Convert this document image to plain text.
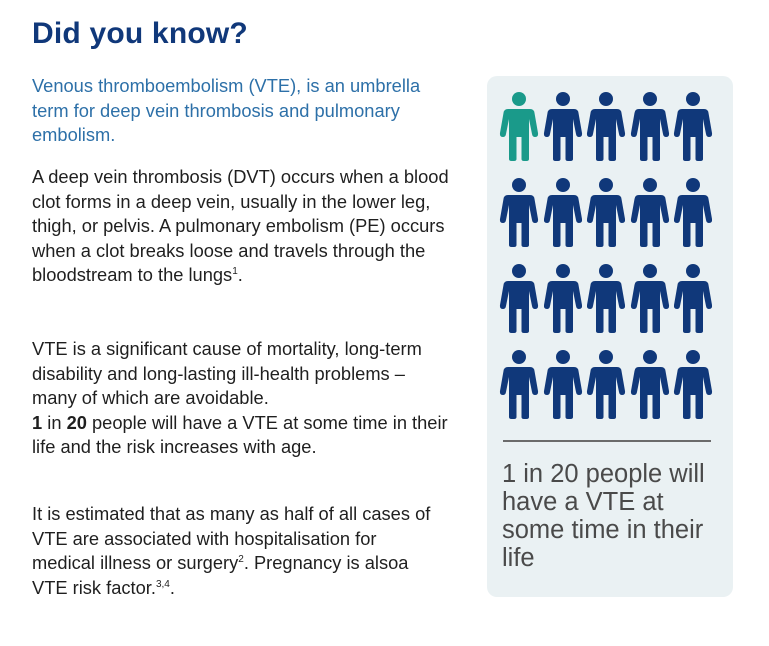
Did you know?

Venous thromboembolism (VTE), is an umbrella term for deep vein thrombosis and pulmonary embolism.

A deep vein thrombosis (DVT) occurs when a blood clot forms in a deep vein, usually in the lower leg, thigh, or pelvis. A pulmonary embolism (PE) occurs when a clot breaks loose and travels through the bloodstream to the lungs$^1$.

VTE is a significant cause of mortality, long-term disability and long-lasting ill-health problems – many of which are avoidable.
1 in 20 people will have a VTE at some time in their life and the risk increases with age.

It is estimated that as many as half of all cases of VTE are associated with hospitalisation for medical illness or surgery$^2$. Pregnancy is alsoa VTE risk factor.$^{3,4}$.

1 in 20 people will have a VTE at some time in their life
